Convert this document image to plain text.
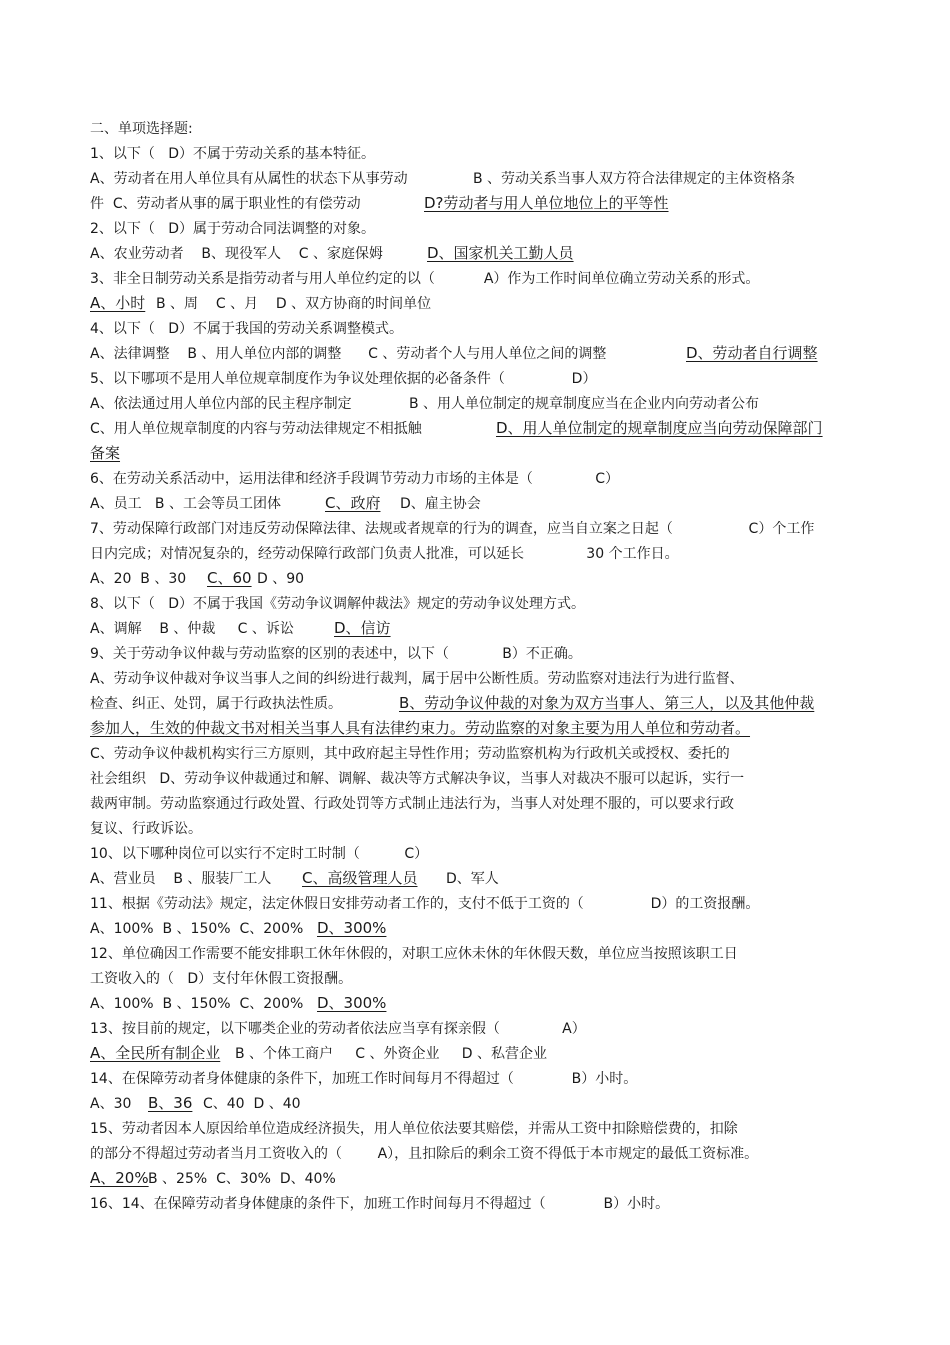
二、单项选择题:
1、以下（   D）不属于劳动关系的基本特征。
A、劳动者在用人单位具有从属性的状态下从事劳动	B 、劳动关系当事人双方符合法律规定的主体资格条
件  C、劳动者从事的属于职业性的有偿劳动	D?劳动者与用人单位地位上的平等性
2、以下（   D）属于劳动合同法调整的对象。
A、农业劳动者    B、现役军人    C 、家庭保姆	D、国家机关工勤人员
3、非全日制劳动关系是指劳动者与用人单位约定的以（           A）作为工作时间单位确立劳动关系的形式。
A、小时 B 、周    C 、月    D 、双方协商的时间单位
4、以下（   D）不属于我国的劳动关系调整模式。
A、法律调整    B 、用人单位内部的调整      C 、劳动者个人与用人单位之间的调整	D、劳动者自行调整
5、以下哪项不是用人单位规章制度作为争议处理依据的必备条件（               D）
A、依法通过用人单位内部的民主程序制定	B 、用人单位制定的规章制度应当在企业内向劳动者公布
C、用人单位规章制度的内容与劳动法律规定不相抵触	D、用人单位制定的规章制度应当向劳动保障部门
备案
6、在劳动关系活动中，运用法律和经济手段调节劳动力市场的主体是（              C）
A、员工   B 、工会等员工团体	C、政府 D、雇主协会
7、劳动保障行政部门对违反劳动保障法律、法规或者规章的行为的调查，应当自立案之日起（                 C）个工作
日内完成；对情况复杂的，经劳动保障行政部门负责人批准，可以延长              30 个工作日。
A、20  B 、30 C、60 D 、90
8、以下（   D）不属于我国《劳动争议调解仲裁法》规定的劳动争议处理方式。
A、调解    B 、仲裁     C 、诉讼	D、信访
9、关于劳动争议仲裁与劳动监察的区别的表述中，以下（            B）不正确。
A、劳动争议仲裁对争议当事人之间的纠纷进行裁判，属于居中公断性质。劳动监察对违法行为进行监督、
检查、纠正、处罚，属于行政执法性质。	B、劳动争议仲裁的对象为双方当事人、第三人，以及其他仲裁
参加人，生效的仲裁文书对相关当事人具有法律约束力。劳动监察的对象主要为用人单位和劳动者。
C、劳动争议仲裁机构实行三方原则，其中政府起主导性作用；劳动监察机构为行政机关或授权、委托的
社会组织   D、劳动争议仲裁通过和解、调解、裁决等方式解决争议，当事人对裁决不服可以起诉，实行一
裁两审制。劳动监察通过行政处置、行政处罚等方式制止违法行为，当事人对处理不服的，可以要求行政
复议、行政诉讼。
10、以下哪种岗位可以实行不定时工时制（          C）
A、营业员    B 、服装厂工人 C、高级管理人员 D、军人
11、根据《劳动法》规定，法定休假日安排劳动者工作的，支付不低于工资的（               D）的工资报酬。
A、100%  B 、150%  C、200% D、300%
12、单位确因工作需要不能安排职工休年休假的，对职工应休未休的年休假天数，单位应当按照该职工日
工资收入的（   D）支付年休假工资报酬。
A、100%  B 、150%  C、200% D、300%
13、按目前的规定，以下哪类企业的劳动者依法应当享有探亲假（              A）
A、全民所有制企业 B 、个体工商户     C 、外资企业     D 、私营企业
14、在保障劳动者身体健康的条件下，加班工作时间每月不得超过（             B）小时。
A、30 B、36 C、40  D 、40
15、劳动者因本人原因给单位造成经济损失，用人单位依法要其赔偿，并需从工资中扣除赔偿费的，扣除
的部分不得超过劳动者当月工资收入的（        A），且扣除后的剩余工资不得低于本市规定的最低工资标准。
A、20% B 、25%  C、30%  D、40%
16、14、在保障劳动者身体健康的条件下，加班工作时间每月不得超过（             B）小时。
